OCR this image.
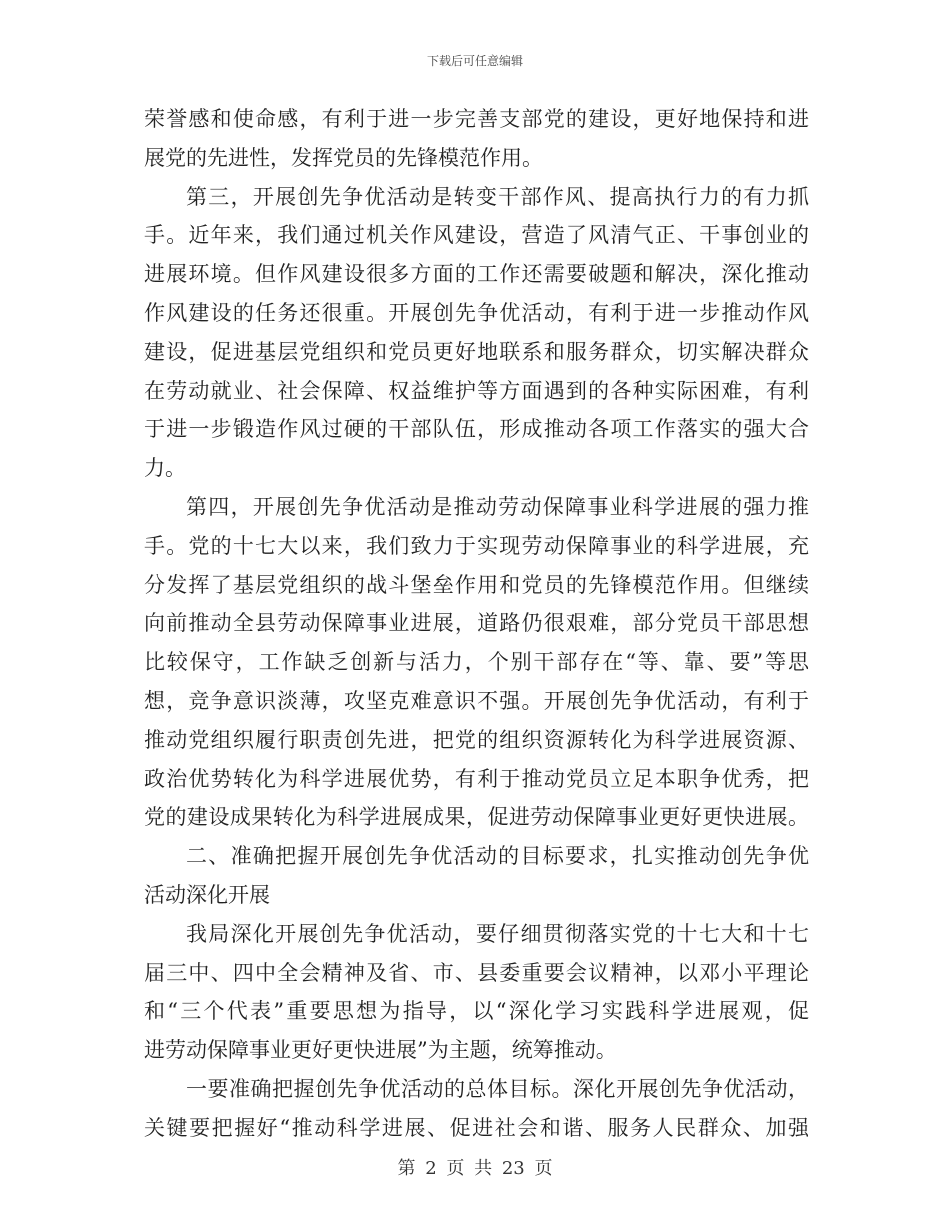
下载后可任意编辑
荣誉感和使命感，有利于进一步完善支部党的建设，更好地保持和进
展党的先进性，发挥党员的先锋模范作用。
第三，开展创先争优活动是转变干部作风、提高执行力的有力抓
手。近年来，我们通过机关作风建设，营造了风清气正、干事创业的
进展环境。但作风建设很多方面的工作还需要破题和解决，深化推动
作风建设的任务还很重。开展创先争优活动，有利于进一步推动作风
建设，促进基层党组织和党员更好地联系和服务群众，切实解决群众
在劳动就业、社会保障、权益维护等方面遇到的各种实际困难，有利
于进一步锻造作风过硬的干部队伍，形成推动各项工作落实的强大合
力。
第四，开展创先争优活动是推动劳动保障事业科学进展的强力推
手。党的十七大以来，我们致力于实现劳动保障事业的科学进展，充
分发挥了基层党组织的战斗堡垒作用和党员的先锋模范作用。但继续
向前推动全县劳动保障事业进展，道路仍很艰难，部分党员干部思想
比较保守，工作缺乏创新与活力，个别干部存在“等、靠、要”等思
想，竞争意识淡薄，攻坚克难意识不强。开展创先争优活动，有利于
推动党组织履行职责创先进，把党的组织资源转化为科学进展资源、
政治优势转化为科学进展优势，有利于推动党员立足本职争优秀，把
党的建设成果转化为科学进展成果，促进劳动保障事业更好更快进展。
二、准确把握开展创先争优活动的目标要求，扎实推动创先争优
活动深化开展
我局深化开展创先争优活动，要仔细贯彻落实党的十七大和十七
届三中、四中全会精神及省、市、县委重要会议精神，以邓小平理论
和“三个代表”重要思想为指导，以“深化学习实践科学进展观，促
进劳动保障事业更好更快进展”为主题，统筹推动。
一要准确把握创先争优活动的总体目标。深化开展创先争优活动，
关键要把握好“推动科学进展、促进社会和谐、服务人民群众、加强
第 2 页 共 23 页
